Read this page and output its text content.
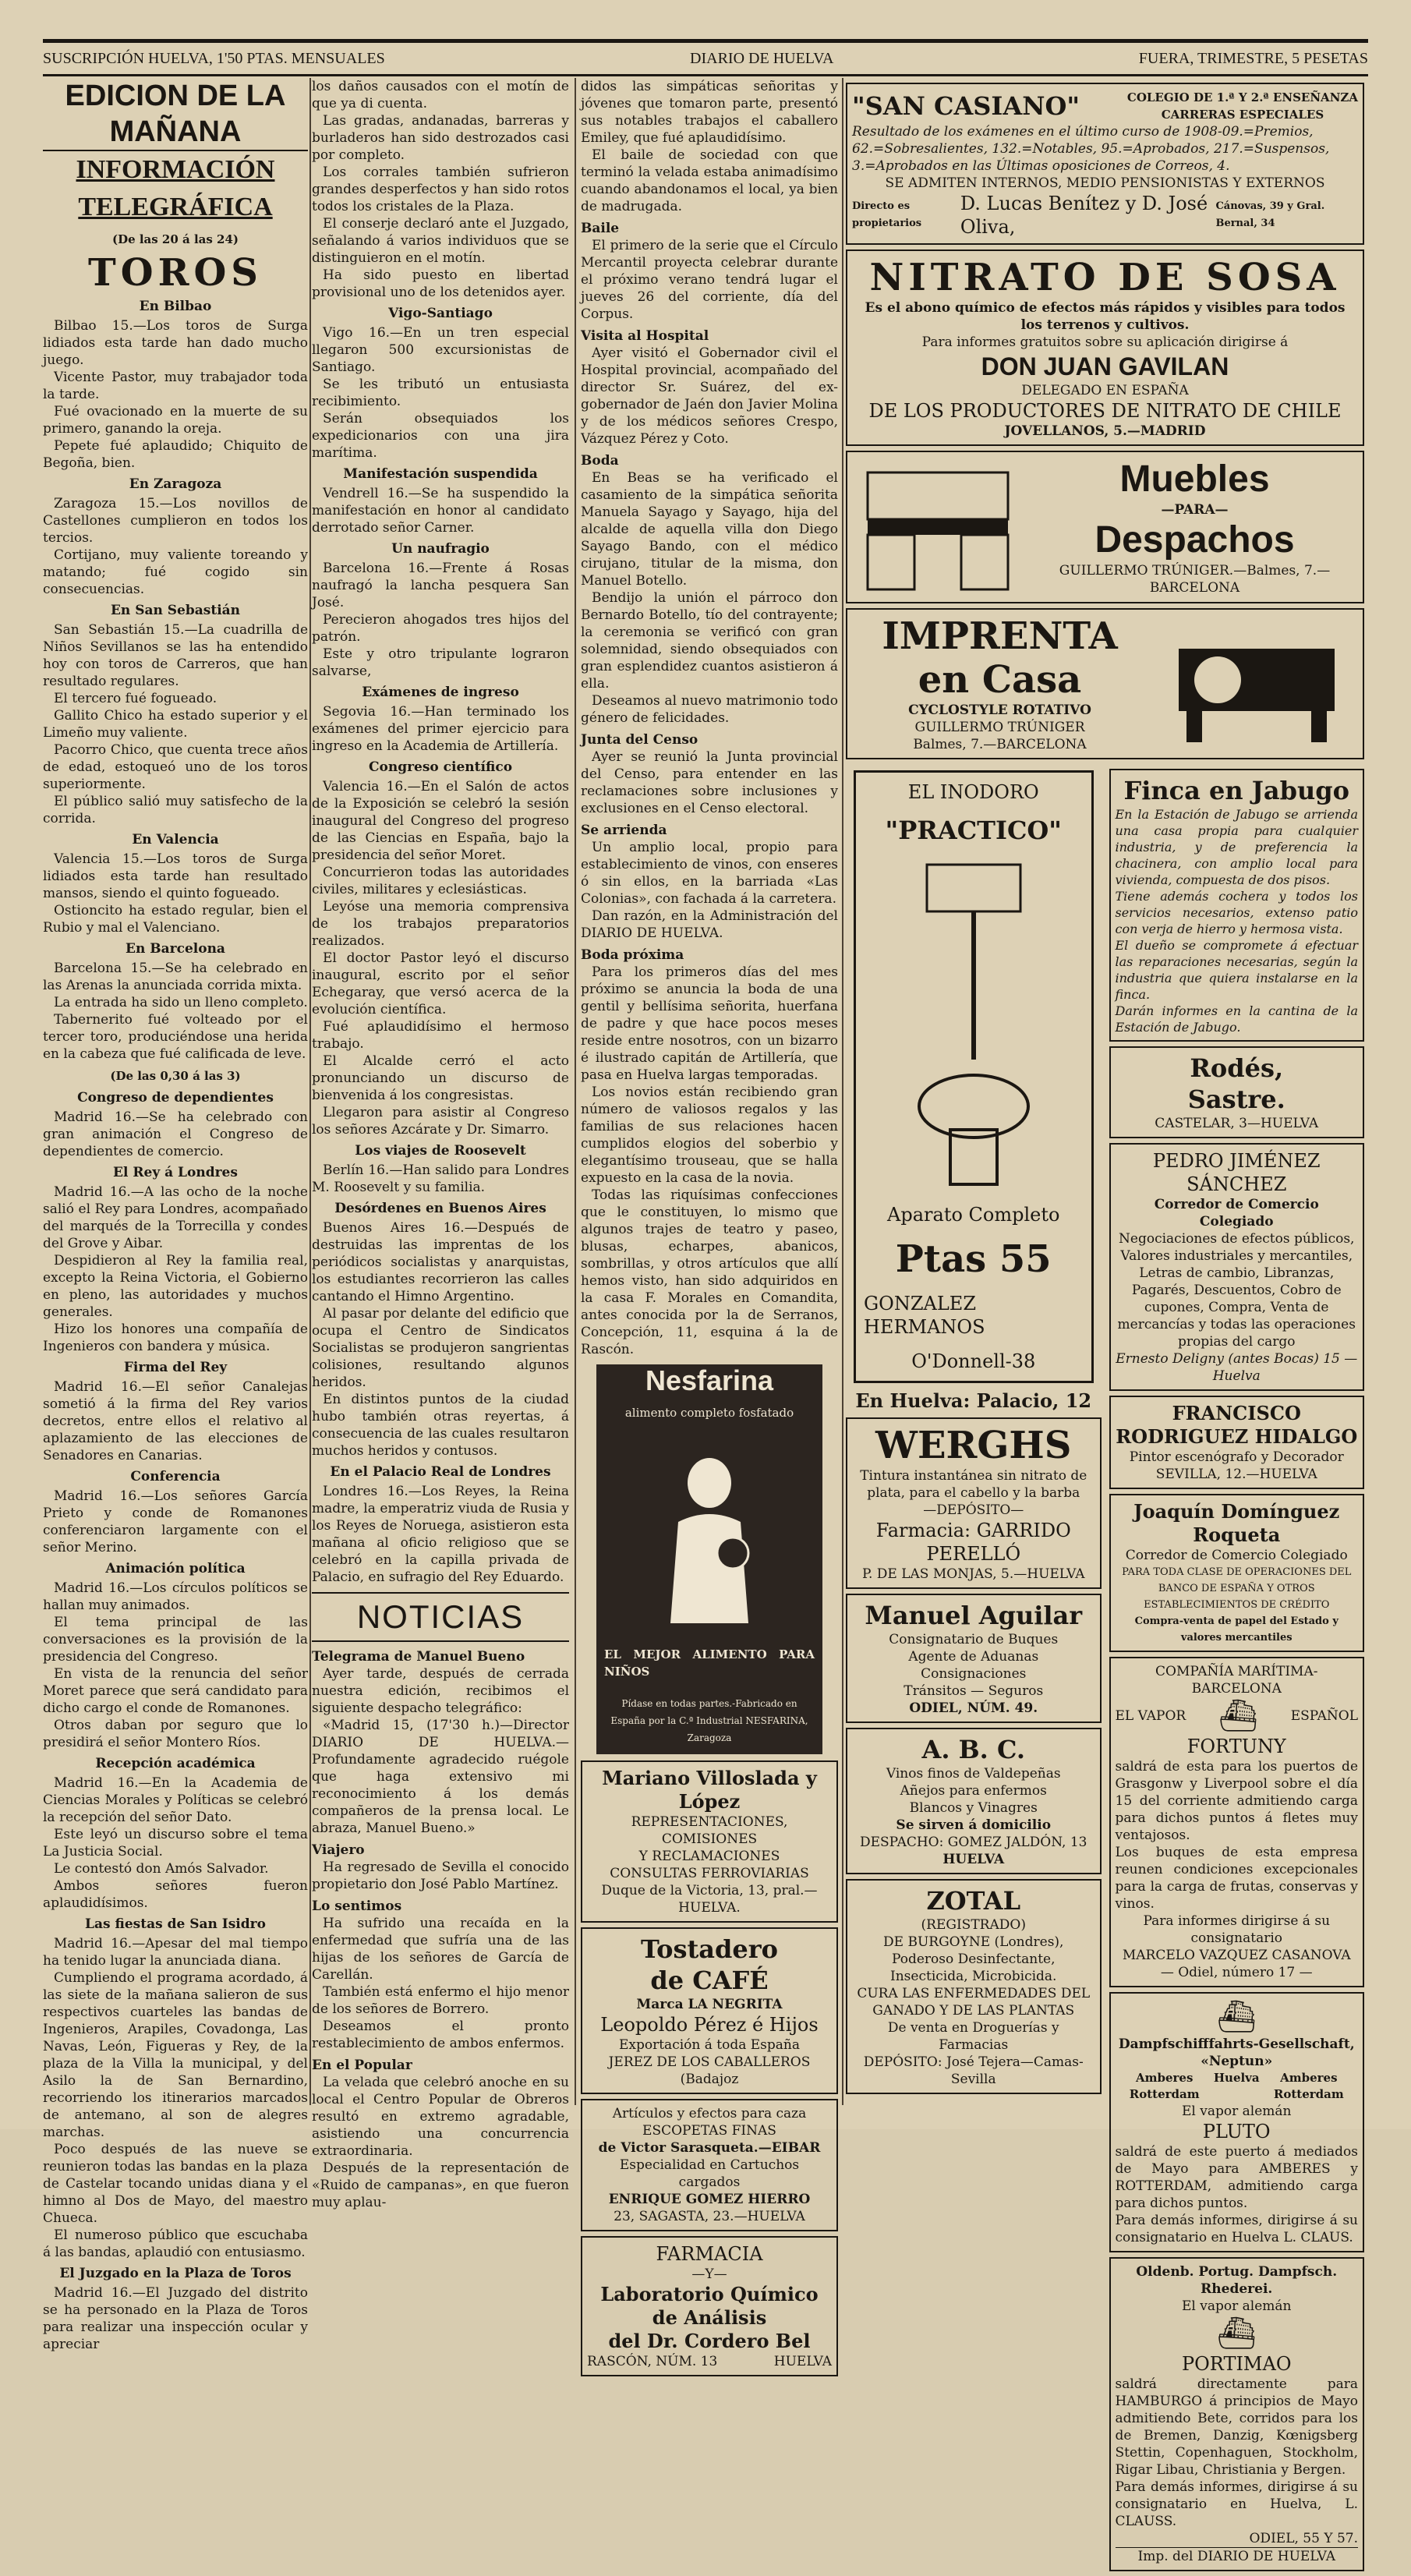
SUSCRIPCIÓN HUELVA, 1'50 PTAS. MENSUALES	DIARIO DE HUELVA	FUERA, TRIMESTRE, 5 PESETAS
EDICION DE LA MAÑANA
INFORMACIÓN TELEGRÁFICA
(De las 20 á las 24)
TOROS
En Bilbao

Bilbao 15.—Los toros de Surga lidiados esta tarde han dado mucho juego.

Vicente Pastor, muy trabajador toda la tarde.

Fué ovacionado en la muerte de su primero, ganando la oreja.

Pepete fué aplaudido; Chiquito de Begoña, bien.

En Zaragoza

Zaragoza 15.—Los novillos de Castellones cumplieron en todos los tercios.

Cortijano, muy valiente toreando y matando; fué cogido sin consecuencias.

En San Sebastián

San Sebastián 15.—La cuadrilla de Niños Sevillanos se las ha entendido hoy con toros de Carreros, que han resultado regulares.

El tercero fué fogueado.

Gallito Chico ha estado superior y el Limeño muy valiente.

Pacorro Chico, que cuenta trece años de edad, estoqueó uno de los toros superiormente.

El público salió muy satisfecho de la corrida.

En Valencia

Valencia 15.—Los toros de Surga lidiados esta tarde han resultado mansos, siendo el quinto fogueado.

Ostioncito ha estado regular, bien el Rubio y mal el Valenciano.

En Barcelona

Barcelona 15.—Se ha celebrado en las Arenas la anunciada corrida mixta.

La entrada ha sido un lleno completo.

Tabernerito fué volteado por el tercer toro, produciéndose una herida en la cabeza que fué calificada de leve.

(De las 0,30 á las 3)
Congreso de dependientes

Madrid 16.—Se ha celebrado con gran animación el Congreso de dependientes de comercio.

El Rey á Londres

Madrid 16.—A las ocho de la noche salió el Rey para Londres, acompañado del marqués de la Torrecilla y condes del Grove y Aibar.

Despidieron al Rey la familia real, excepto la Reina Victoria, el Gobierno en pleno, las autoridades y muchos generales.

Hizo los honores una compañía de Ingenieros con bandera y música.

Firma del Rey

Madrid 16.—El señor Canalejas sometió á la firma del Rey varios decretos, entre ellos el relativo al aplazamiento de las elecciones de Senadores en Canarias.

Conferencia

Madrid 16.—Los señores García Prieto y conde de Romanones conferenciaron largamente con el señor Merino.

Animación política

Madrid 16.—Los círculos políticos se hallan muy animados.

El tema principal de las conversaciones es la provisión de la presidencia del Congreso.

En vista de la renuncia del señor Moret parece que será candidato para dicho cargo el conde de Romanones.

Otros daban por seguro que lo presidirá el señor Montero Ríos.

Recepción académica

Madrid 16.—En la Academia de Ciencias Morales y Políticas se celebró la recepción del señor Dato.

Este leyó un discurso sobre el tema La Justicia Social.

Le contestó don Amós Salvador.

Ambos señores fueron aplaudidísimos.

Las fiestas de San Isidro

Madrid 16.—Apesar del mal tiempo ha tenido lugar la anunciada diana.

Cumpliendo el programa acordado, á las siete de la mañana salieron de sus respectivos cuarteles las bandas de Ingenieros, Arapiles, Covadonga, Las Navas, León, Figueras y Rey, de la plaza de la Villa la municipal, y del Asilo la de San Bernardino, recorriendo los itinerarios marcados de antemano, al son de alegres marchas.

Poco después de las nueve se reunieron todas las bandas en la plaza de Castelar tocando unidas diana y el himno al Dos de Mayo, del maestro Chueca.

El numeroso público que escuchaba á las bandas, aplaudió con entusiasmo.

El Juzgado en la Plaza de Toros

Madrid 16.—El Juzgado del distrito se ha personado en la Plaza de Toros para realizar una inspección ocular y apreciar

los daños causados con el motín de que ya di cuenta.

Las gradas, andanadas, barreras y burladeros han sido destrozados casi por completo.

Los corrales también sufrieron grandes desperfectos y han sido rotos todos los cristales de la Plaza.

El conserje declaró ante el Juzgado, señalando á varios individuos que se distinguieron en el motín.

Ha sido puesto en libertad provisional uno de los detenidos ayer.

Vigo-Santiago

Vigo 16.—En un tren especial llegaron 500 excursionistas de Santiago.

Se les tributó un entusiasta recibimiento.

Serán obsequiados los expedicionarios con una jira marítima.

Manifestación suspendida

Vendrell 16.—Se ha suspendido la manifestación en honor al candidato derrotado señor Carner.

Un naufragio

Barcelona 16.—Frente á Rosas naufragó la lancha pesquera San José.

Perecieron ahogados tres hijos del patrón.

Este y otro tripulante lograron salvarse,

Exámenes de ingreso

Segovia 16.—Han terminado los exámenes del primer ejercicio para ingreso en la Academia de Artillería.

Congreso científico

Valencia 16.—En el Salón de actos de la Exposición se celebró la sesión inaugural del Congreso del progreso de las Ciencias en España, bajo la presidencia del señor Moret.

Concurrieron todas las autoridades civiles, militares y eclesiásticas.

Leyóse una memoria comprensiva de los trabajos preparatorios realizados.

El doctor Pastor leyó el discurso inaugural, escrito por el señor Echegaray, que versó acerca de la evolución científica.

Fué aplaudidísimo el hermoso trabajo.

El Alcalde cerró el acto pronunciando un discurso de bienvenida á los congresistas.

Llegaron para asistir al Congreso los señores Azcárate y Dr. Simarro.

Los viajes de Roosevelt

Berlín 16.—Han salido para Londres M. Roosevelt y su familia.

Desórdenes en Buenos Aires

Buenos Aires 16.—Después de destruidas las imprentas de los periódicos socialistas y anarquistas, los estudiantes recorrieron las calles cantando el Himno Argentino.

Al pasar por delante del edificio que ocupa el Centro de Sindicatos Socialistas se produjeron sangrientas colisiones, resultando algunos heridos.

En distintos puntos de la ciudad hubo también otras reyertas, á consecuencia de las cuales resultaron muchos heridos y contusos.

En el Palacio Real de Londres

Londres 16.—Los Reyes, la Reina madre, la emperatriz viuda de Rusia y los Reyes de Noruega, asistieron esta mañana al oficio religioso que se celebró en la capilla privada de Palacio, en sufragio del Rey Eduardo.

NOTICIAS
Telegrama de Manuel Bueno

Ayer tarde, después de cerrada nuestra edición, recibimos el siguiente despacho telegráfico:

«Madrid 15, (17'30 h.)—Director DIARIO DE HUELVA.— Profundamente agradecido ruégole que haga extensivo mi reconocimiento á los demás compañeros de la prensa local. Le abraza, Manuel Bueno.»

Viajero

Ha regresado de Sevilla el conocido propietario don José Pablo Martínez.

Lo sentimos

Ha sufrido una recaída en la enfermedad que sufría una de las hijas de los señores de García de Carellán.

También está enfermo el hijo menor de los señores de Borrero.

Deseamos el pronto restablecimiento de ambos enfermos.

En el Popular

La velada que celebró anoche en su local el Centro Popular de Obreros resultó en extremo agradable, asistiendo una concurrencia extraordinaria.

Después de la representación de «Ruido de campanas», en que fueron muy aplau-

didos las simpáticas señoritas y jóvenes que tomaron parte, presentó sus notables trabajos el caballero Emiley, que fué aplaudidísimo.

El baile de sociedad con que terminó la velada estaba animadísimo cuando abandonamos el local, ya bien de madrugada.

Baile

El primero de la serie que el Círculo Mercantil proyecta celebrar durante el próximo verano tendrá lugar el jueves 26 del corriente, día del Corpus.

Visita al Hospital

Ayer visitó el Gobernador civil el Hospital provincial, acompañado del director Sr. Suárez, del ex-gobernador de Jaén don Javier Molina y de los médicos señores Crespo, Vázquez Pérez y Coto.

Boda

En Beas se ha verificado el casamiento de la simpática señorita Manuela Sayago y Sayago, hija del alcalde de aquella villa don Diego Sayago Bando, con el médico cirujano, titular de la misma, don Manuel Botello.

Bendijo la unión el párroco don Bernardo Botello, tío del contrayente; la ceremonia se verificó con gran solemnidad, siendo obsequiados con gran esplendidez cuantos asistieron á ella.

Deseamos al nuevo matrimonio todo género de felicidades.

Junta del Censo

Ayer se reunió la Junta provincial del Censo, para entender en las reclamaciones sobre inclusiones y exclusiones en el Censo electoral.

Se arrienda

Un amplio local, propio para establecimiento de vinos, con enseres ó sin ellos, en la barriada «Las Colonias», con fachada á la carretera.

Dan razón, en la Administración del DIARIO DE HUELVA.

Boda próxima

Para los primeros días del mes próximo se anuncia la boda de una gentil y bellísima señorita, huerfana de padre y que hace pocos meses reside entre nosotros, con un bizarro é ilustrado capitán de Artillería, que pasa en Huelva largas temporadas.

Los novios están recibiendo gran número de valiosos regalos y las familias de sus relaciones hacen cumplidos elogios del soberbio y elegantísimo trouseau, que se halla expuesto en la casa de la novia.

Todas las riquísimas confecciones que le constituyen, lo mismo que algunos trajes de teatro y paseo, blusas, echarpes, abanicos, sombrillas, y otros artículos que allí hemos visto, han sido adquiridos en la casa F. Morales en Comandita, antes conocida por la de Serranos, Concepción, 11, esquina á la de Rascón.

Nesfarina
alimento completo fosfatado
EL MEJOR ALIMENTO PARA NIÑOS
Pídase en todas partes.-Fabricado en España por la C.ª Industrial NESFARINA, Zaragoza
Mariano Villoslada y López
REPRESENTACIONES, COMISIONES
Y RECLAMACIONES
CONSULTAS FERROVIARIAS
Duque de la Victoria, 13, pral.—HUELVA.
Tostadero
de CAFÉ
Marca LA NEGRITA
Leopoldo Pérez é Hijos
Exportación á toda España
JEREZ DE LOS CABALLEROS (Badajoz
Artículos y efectos para caza
ESCOPETAS FINAS
de Victor Sarasqueta.—EIBAR
Especialidad en Cartuchos cargados
ENRIQUE GOMEZ HIERRO
23, SAGASTA, 23.—HUELVA
FARMACIA
—Y—
Laboratorio Químico de Análisis
del Dr. Cordero Bel
RASCÓN, NÚM. 13	HUELVA
"SAN CASIANO"	COLEGIO DE 1.ª Y 2.ª ENSEÑANZA
CARRERAS ESPECIALES
Resultado de los exámenes en el último curso de 1908-09.=Premios, 62.=Sobresalientes, 132.=Notables, 95.=Aprobados, 217.=Suspensos, 3.=Aprobados en las Últimas oposiciones de Correos, 4.
SE ADMITEN INTERNOS, MEDIO PENSIONISTAS Y EXTERNOS
Directo es propietarios
D. Lucas Benítez y D. José Oliva,
Cánovas, 39 y Gral. Bernal, 34
NITRATO DE SOSA
Es el abono químico de efectos más rápidos y visibles para todos los terrenos y cultivos.
Para informes gratuitos sobre su aplicación dirigirse á
DON JUAN GAVILAN
DELEGADO EN ESPAÑA
DE LOS PRODUCTORES DE NITRATO DE CHILE
JOVELLANOS, 5.—MADRID
Muebles
—PARA—
Despachos
GUILLERMO TRÚNIGER.—Balmes, 7.—BARCELONA
IMPRENTA
en Casa
CYCLOSTYLE ROTATIVO
GUILLERMO TRÚNIGER
Balmes, 7.—BARCELONA
EL INODORO
"PRACTICO"
Aparato Completo
Ptas 55
GONZALEZ HERMANOS
O'Donnell-38
En Huelva: Palacio, 12
WERGHS
Tintura instantánea sin nitrato de plata, para el cabello y la barba
—DEPÓSITO—
Farmacia: GARRIDO PERELLÓ
P. DE LAS MONJAS, 5.—HUELVA
Manuel Aguilar
Consignatario de Buques
Agente de Aduanas
Consignaciones
Tránsitos — Seguros
ODIEL, NÚM. 49.
A. B. C.
Vinos finos de Valdepeñas
Añejos para enfermos
Blancos y Vinagres
Se sirven á domicilio
DESPACHO: GOMEZ JALDÓN, 13 HUELVA
ZOTAL
(REGISTRADO)
DE BURGOYNE (Londres),
Poderoso Desinfectante, Insecticida, Microbicida.
CURA LAS ENFERMEDADES DEL GANADO Y DE LAS PLANTAS
De venta en Droguerías y Farmacias
DEPÓSITO: José Tejera—Camas-Sevilla
Finca en Jabugo

En la Estación de Jabugo se arrienda una casa propia para cualquier industria, y de preferencia la chacinera, con amplio local para vivienda, compuesta de dos pisos.

Tiene además cochera y todos los servicios necesarios, extenso patio con verja de hierro y hermosa vista.

El dueño se compromete á efectuar las reparaciones necesarias, según la industria que quiera instalarse en la finca.

Darán informes en la cantina de la Estación de Jabugo.

Rodés,
Sastre.
CASTELAR, 3—HUELVA
PEDRO JIMÉNEZ SÁNCHEZ
Corredor de Comercio Colegiado
Negociaciones de efectos públicos, Valores industriales y mercantiles, Letras de cambio, Libranzas, Pagarés, Descuentos, Cobro de cupones, Compra, Venta de mercancías y todas las operaciones propias del cargo
Ernesto Deligny (antes Bocas) 15 —Huelva
FRANCISCO RODRIGUEZ HIDALGO
Pintor escenógrafo y Decorador
SEVILLA, 12.—HUELVA
Joaquín Domínguez Roqueta
Corredor de Comercio Colegiado
PARA TODA CLASE DE OPERACIONES DEL BANCO DE ESPAÑA Y OTROS ESTABLECIMIENTOS DE CRÉDITO
Compra-venta de papel del Estado y valores mercantiles
COMPAÑÍA MARÍTIMA-BARCELONA
EL VAPOR ⛴ ESPAÑOL
FORTUNY
saldrá de esta para los puertos de Grasgonw y Liverpool sobre el día 15 del corriente admitiendo carga para dichos puntos á fletes muy ventajosos.
Los buques de esta empresa reunen condiciones excepcionales para la carga de frutas, conservas y vinos.
Para informes dirigirse á su consignatario
MARCELO VAZQUEZ CASANOVA
— Odiel, número 17 —
⛴
Dampfschifffahrts-Gesellschaft, «Neptun»
Amberes Rotterdam
Huelva	Amberes Rotterdam
El vapor alemán
PLUTO
saldrá de este puerto á mediados de Mayo para AMBERES y ROTTERDAM, admitiendo carga para dichos puntos.
Para demás informes, dirigirse á su consignatario en Huelva L. CLAUS.
Oldenb. Portug. Dampfsch. Rhederei.
El vapor alemán
⛴
PORTIMAO
saldrá directamente para HAMBURGO á principios de Mayo admitiendo Bete, corridos para los de Bremen, Danzig, Kœnigsberg Stettin, Copenhaguen, Stockholm, Rigar Libau, Christiania y Bergen.
Para demás informes, dirigirse á su consignatario en Huelva, L. CLAUSS.
ODIEL, 55 Y 57.
Imp. del DIARIO DE HUELVA
